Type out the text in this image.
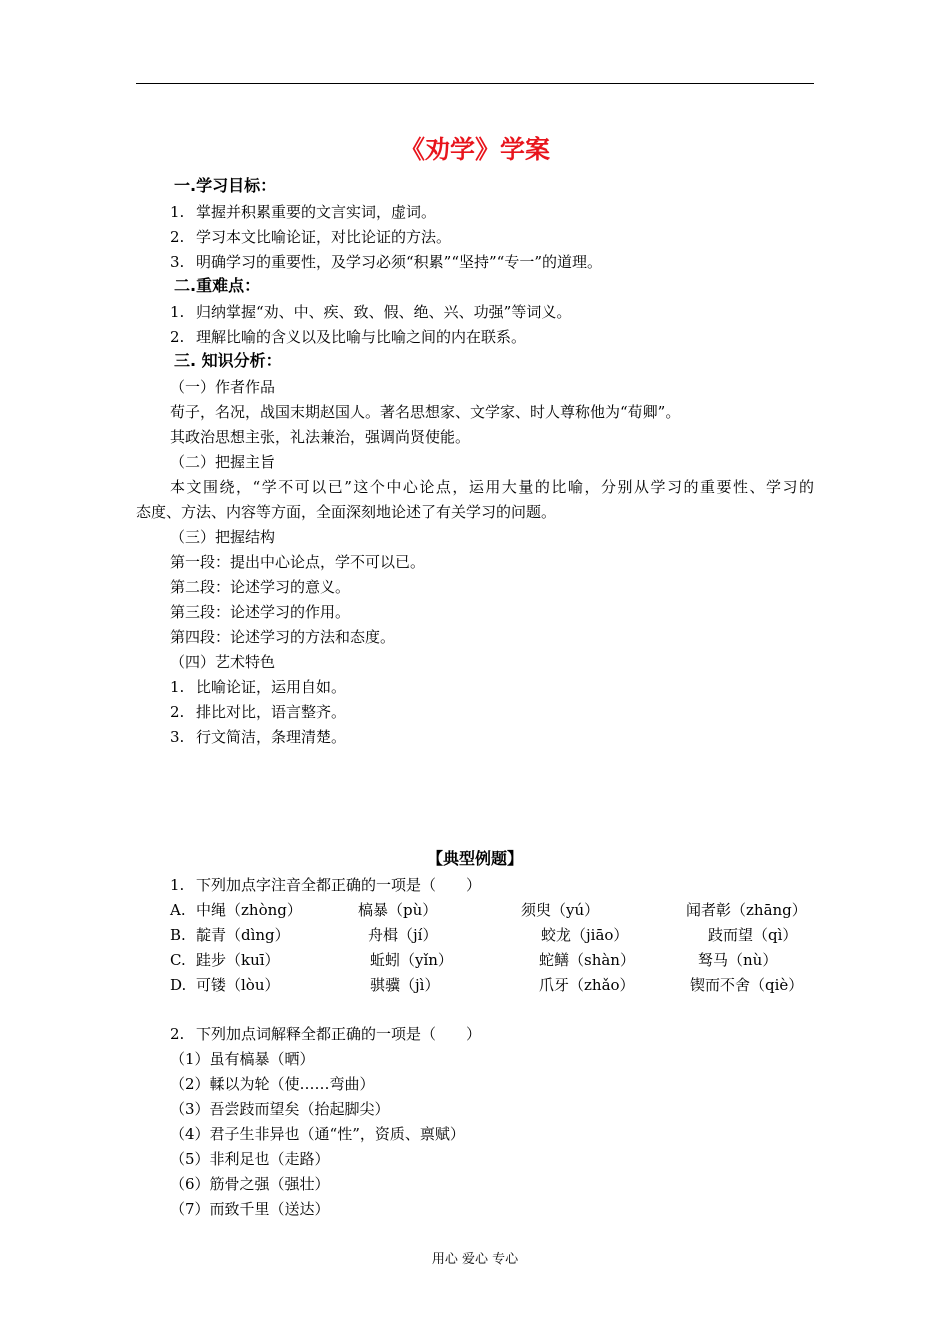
《劝学》学案
一.学习目标：
1. 掌握并积累重要的文言实词，虚词。
2. 学习本文比喻论证，对比论证的方法。
3. 明确学习的重要性，及学习必须“积累”“坚持”“专一”的道理。
二.重难点：
1. 归纳掌握“劝、中、疾、致、假、绝、兴、功强”等词义。
2. 理解比喻的含义以及比喻与比喻之间的内在联系。
三. 知识分析：
（一）作者作品
荀子，名况，战国末期赵国人。著名思想家、文学家、时人尊称他为“荀卿”。
其政治思想主张，礼法兼治，强调尚贤使能。
（二）把握主旨
本文围绕，“学不可以已”这个中心论点，运用大量的比喻，分别从学习的重要性、学习的
态度、方法、内容等方面，全面深刻地论述了有关学习的问题。
（三）把握结构
第一段：提出中心论点，学不可以已。
第二段：论述学习的意义。
第三段：论述学习的作用。
第四段：论述学习的方法和态度。
（四）艺术特色
1. 比喻论证，运用自如。
2. 排比对比，语言整齐。
3. 行文简洁，条理清楚。
【典型例题】
1. 下列加点字注音全都正确的一项是（　　）
A. 中绳（zhòng）	槁暴（pù）	须臾（yú）	闻者彰（zhāng）
B. 靛青（dìng）	舟楫（jí）	蛟龙（jiāo）	跂而望（qì）
C. 跬步（kuī）	蚯蚓（yǐn）	蛇鳝（shàn）	驽马（nù）
D. 可镂（lòu）	骐骥（jì）	爪牙（zhǎo）	锲而不舍（qiè）
2. 下列加点词解释全都正确的一项是（　　）
（1）虽有槁暴（晒）
（2）輮以为轮（使……弯曲）
（3）吾尝跂而望矣（抬起脚尖）
（4）君子生非异也（通“性”，资质、禀赋）
（5）非利足也（走路）
（6）筋骨之强（强壮）
（7）而致千里（送达）
用心 爱心 专心
